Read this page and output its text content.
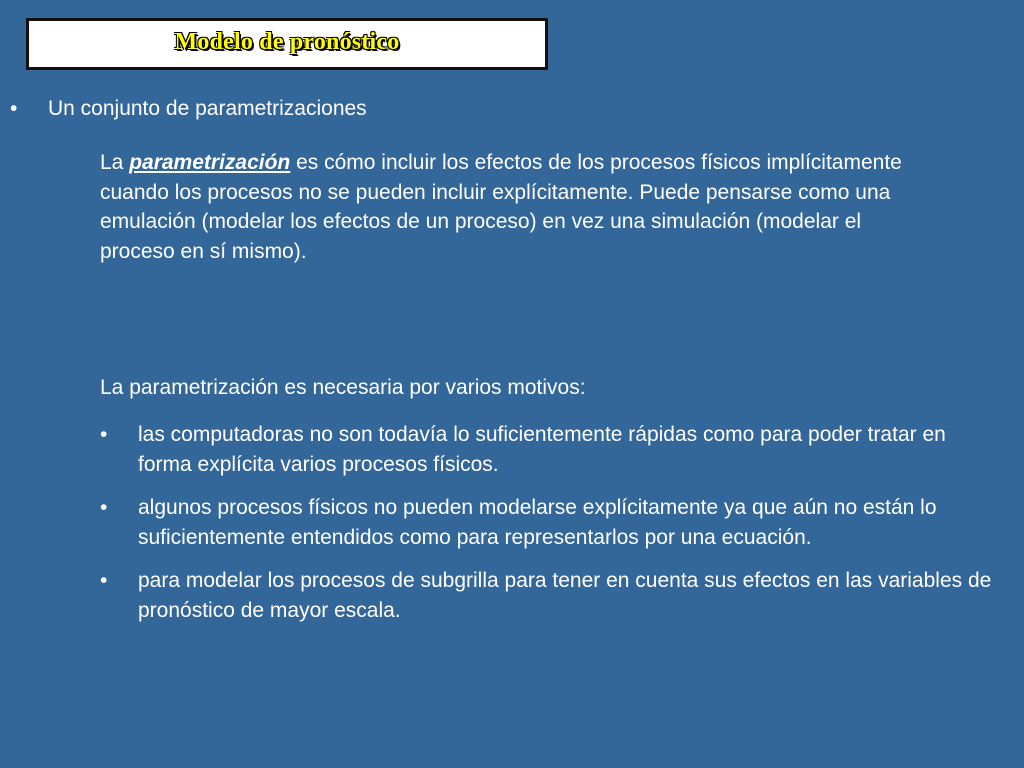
Modelo de pronóstico
•	Un conjunto de parametrizaciones
La parametrización es cómo incluir los efectos de los procesos físicos implícitamente cuando los procesos no se pueden incluir explícitamente. Puede pensarse como una emulación (modelar los efectos de un proceso) en vez una simulación (modelar el proceso en sí mismo).
La parametrización es necesaria por varios motivos:
•	las computadoras no son todavía lo suficientemente rápidas como para poder tratar en forma explícita varios procesos físicos.
•	algunos procesos físicos no pueden modelarse explícitamente ya que aún no están lo suficientemente entendidos como para representarlos por una ecuación.
•	para modelar los procesos de subgrilla para tener en cuenta sus efectos en las variables de pronóstico de mayor escala.
